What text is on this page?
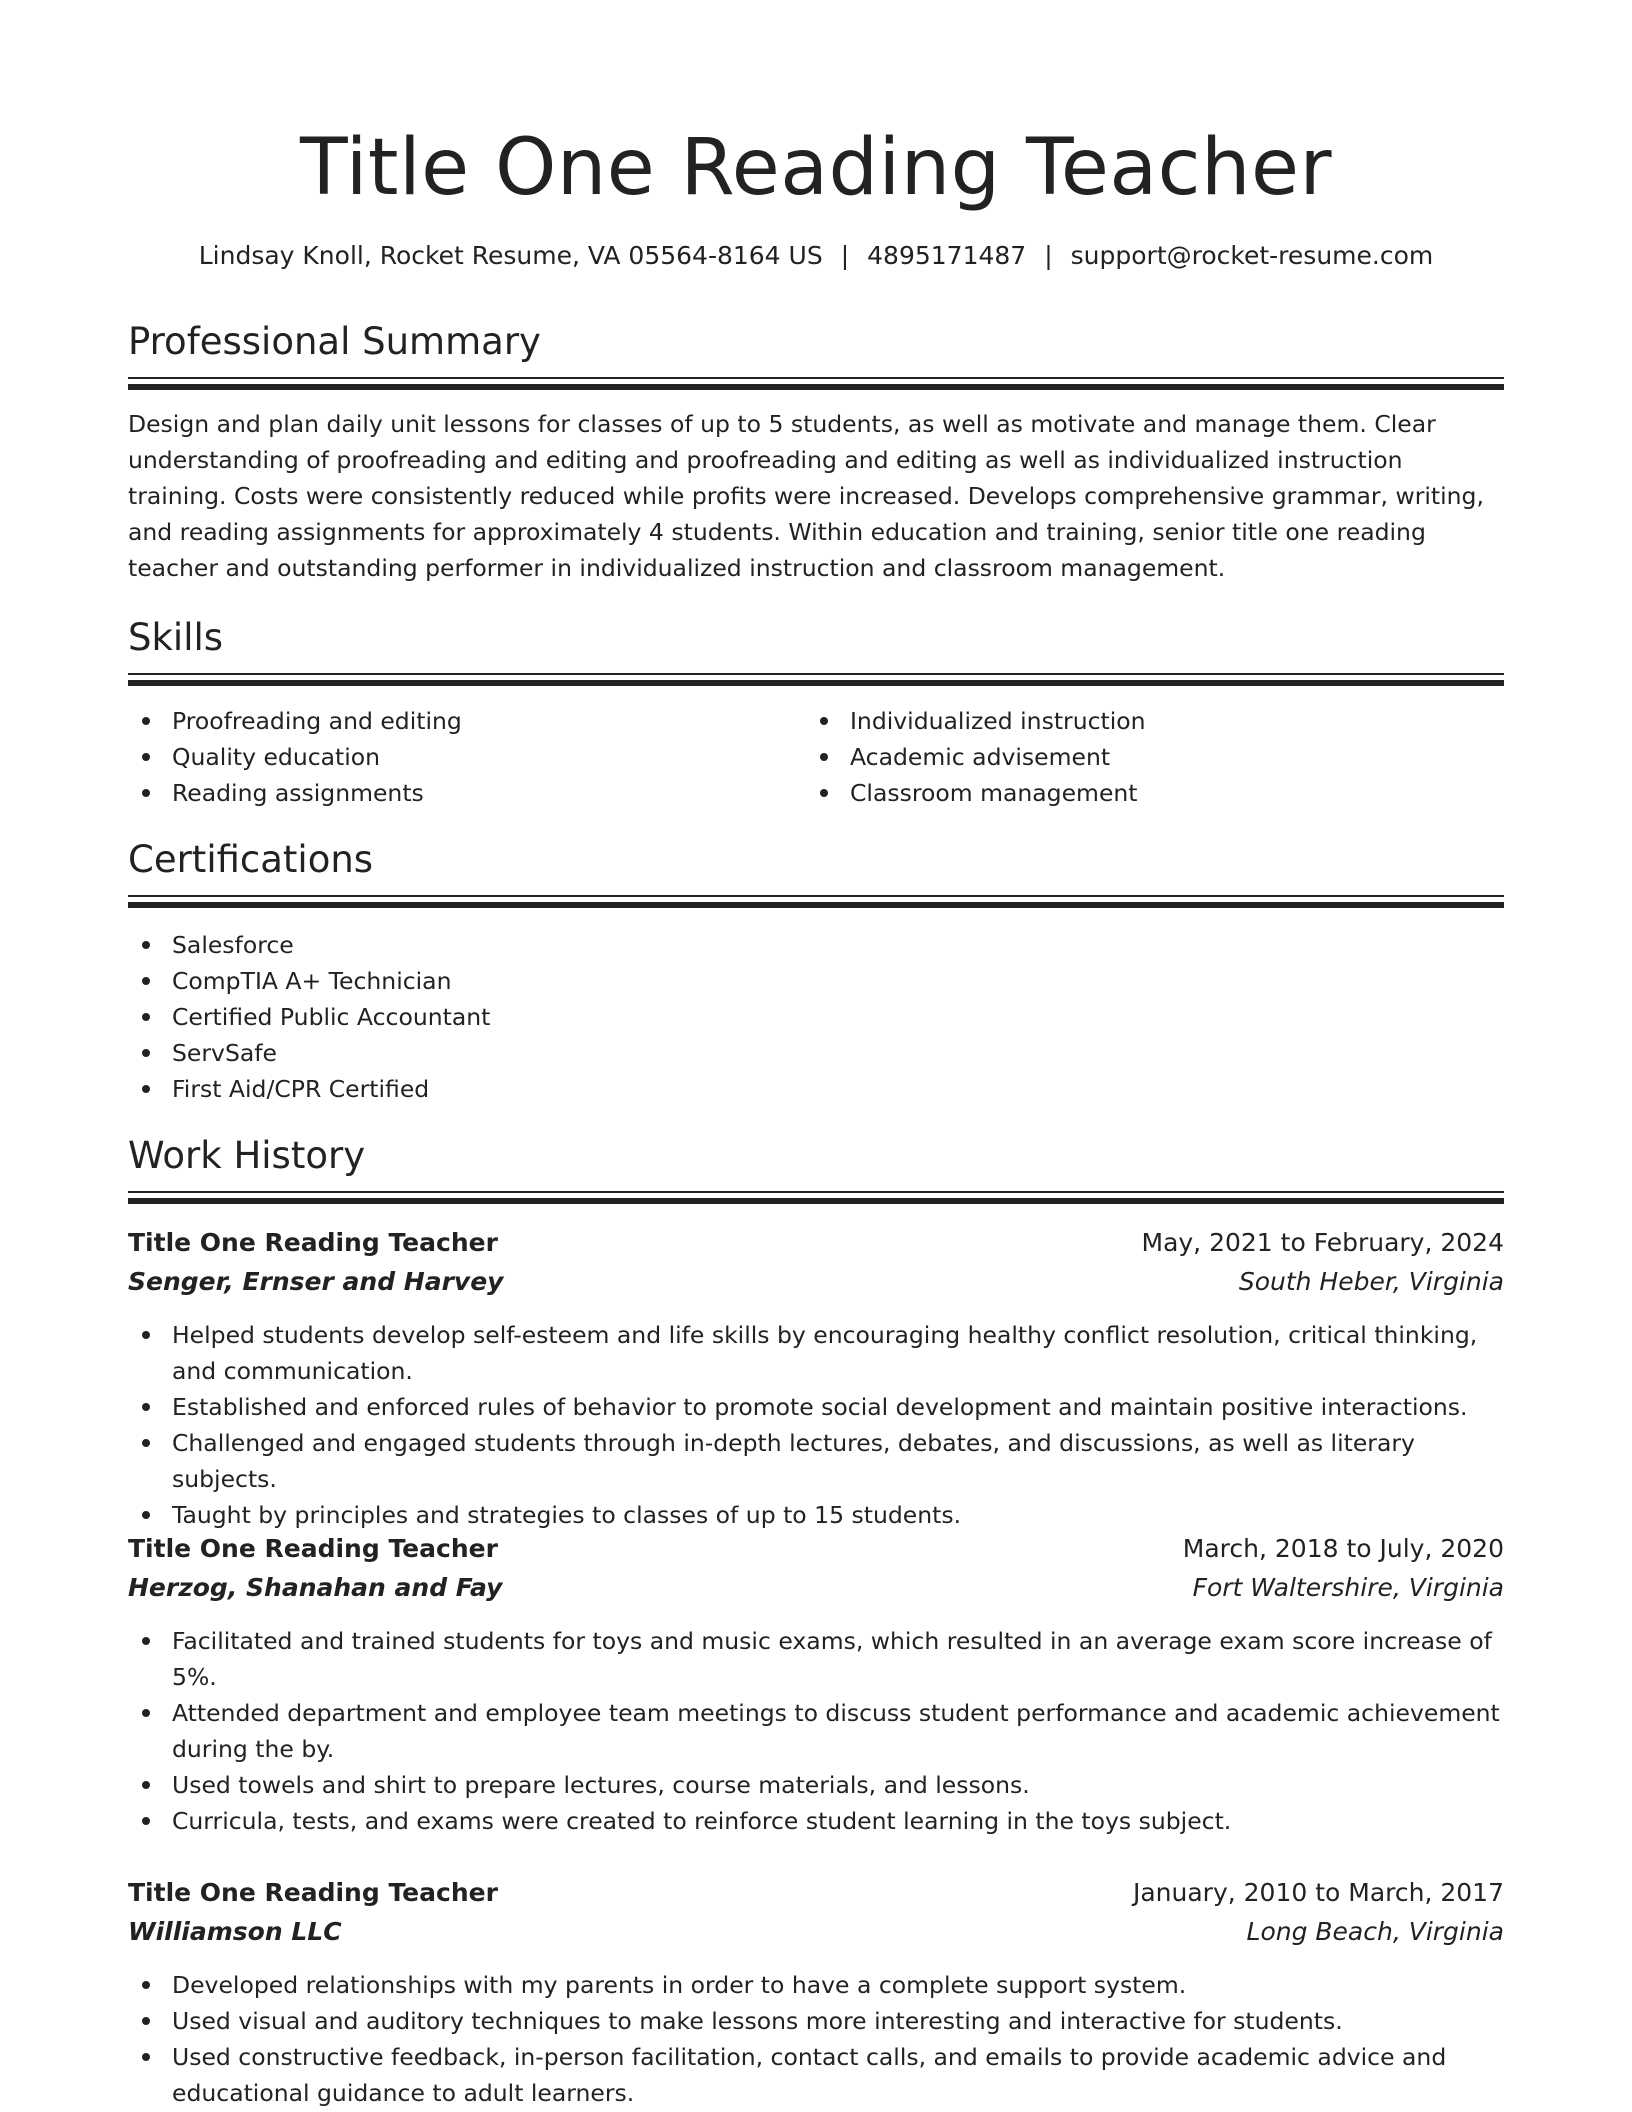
Title One Reading Teacher
Lindsay Knoll, Rocket Resume, VA 05564-8164 US | 4895171487 | support@rocket-resume.com
Professional Summary

Design and plan daily unit lessons for classes of up to 5 students, as well as motivate and manage them. Clear understanding of proofreading and editing and proofreading and editing as well as individualized instruction training. Costs were consistently reduced while profits were increased. Develops comprehensive grammar, writing, and reading assignments for approximately 4 students. Within education and training, senior title one reading teacher and outstanding performer in individualized instruction and classroom management.

Skills
Proofreading and editing
Quality education
Reading assignments
Individualized instruction
Academic advisement
Classroom management
Certifications
Salesforce
CompTIA A+ Technician
Certified Public Accountant
ServSafe
First Aid/CPR Certified
Work History
Title One Reading Teacher	May, 2021 to February, 2024
Senger, Ernser and Harvey	South Heber, Virginia
Helped students develop self-esteem and life skills by encouraging healthy conflict resolution, critical thinking, and communication.
Established and enforced rules of behavior to promote social development and maintain positive interactions.
Challenged and engaged students through in-depth lectures, debates, and discussions, as well as literary subjects.
Taught by principles and strategies to classes of up to 15 students.
Title One Reading Teacher	March, 2018 to July, 2020
Herzog, Shanahan and Fay	Fort Waltershire, Virginia
Facilitated and trained students for toys and music exams, which resulted in an average exam score increase of 5%.
Attended department and employee team meetings to discuss student performance and academic achievement during the by.
Used towels and shirt to prepare lectures, course materials, and lessons.
Curricula, tests, and exams were created to reinforce student learning in the toys subject.
Title One Reading Teacher	January, 2010 to March, 2017
Williamson LLC	Long Beach, Virginia
Developed relationships with my parents in order to have a complete support system.
Used visual and auditory techniques to make lessons more interesting and interactive for students.
Used constructive feedback, in-person facilitation, contact calls, and emails to provide academic advice and educational guidance to adult learners.
